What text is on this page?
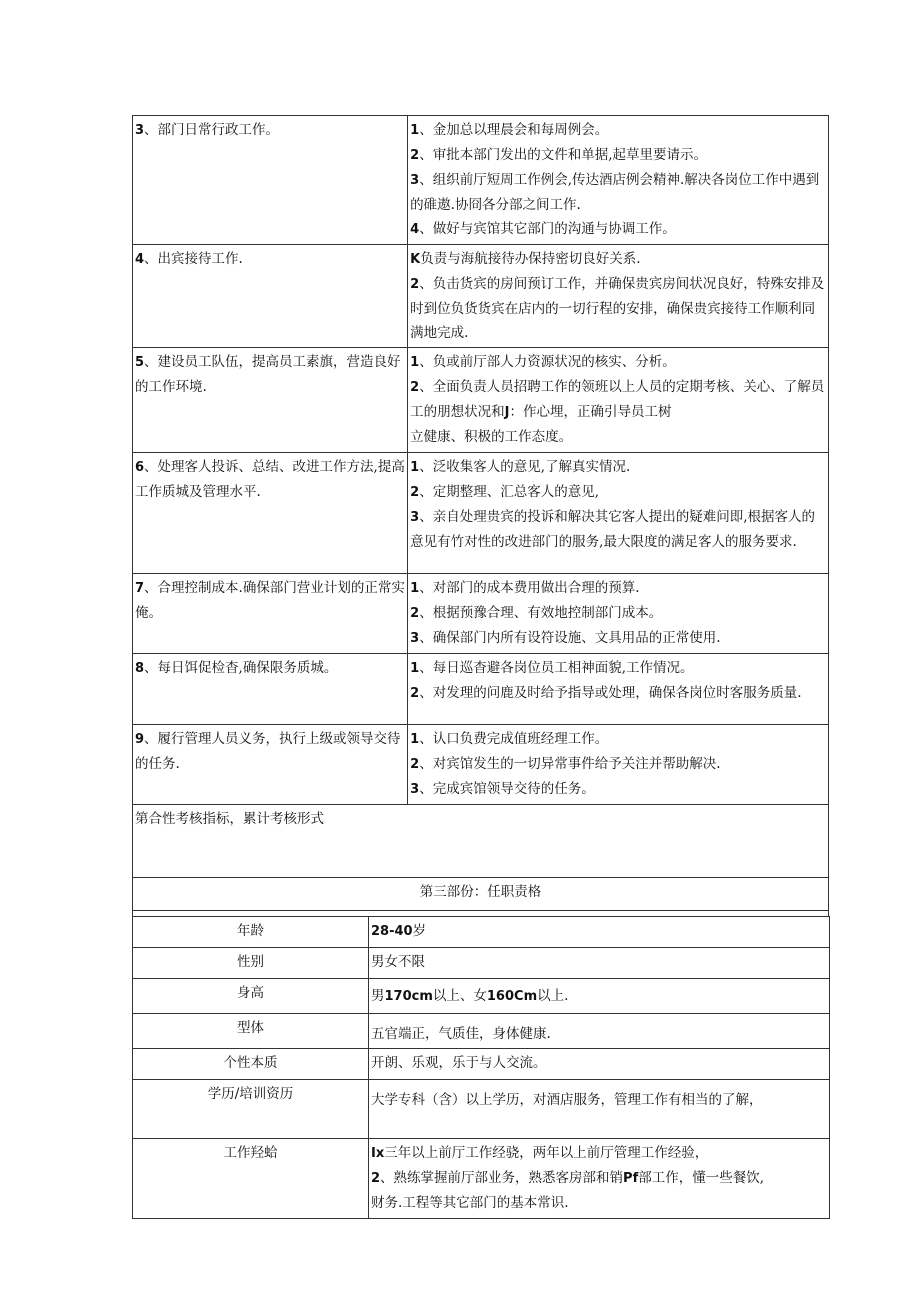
3、部门日常行政工作。	1、金加总以理晨会和每周例会。
2、审批本部门发出的文件和单据,起草里要请示。
3、组织前厅短周工作例会,传达酒店例会精神.解决各岗位工作中遇到的碓遨.协冏各分部之间工作.
4、做好与宾馆其它部门的沟通与协调工作。

4、出宾接待工作.	K负责与海航接待办保持密切良好关系.
2、负击货宾的房间预订工作，并确保贵宾房间状况良好，特殊安排及时到位负货货宾在店内的一切行程的安排，确保贵宾接待工作顺利同满地完成.

5、建设员工队伍，提高员工素旗，营造良好的工作环境.	1、负或前厅部人力资源状况的核实、分析。
2、全面负责人员招聘工作的领班以上人员的定期考核、关心、了解员工的朋想状况和J：作心埋，正确引导员工树
立健康、积极的工作态度。

6、处理客人投诉、总结、改进工作方法,提高工作质城及管理水平.	1、泛收集客人的意见,了解真实情况.
2、定期整理、汇总客人的意见,
3、亲自处理贵宾的投诉和解决其它客人提出的疑难问即,根据客人的意见有竹对性的改进部门的服务,最大限度的满足客人的服务要求.

7、合理控制成本.确保部门营业计划的正常实俺。	1、对部门的成本费用做出合理的预算.
2、根据预豫合理、有效地控制部门成本。
3、确保部门内所有设符设施、文具用品的正常使用.

8、每日饵促检杳,确保限务质城。	1、每日巡杳避各岗位员工相神面貌,工作情况。
2、对发理的问鹿及时给予指导或处理，确保各岗位时客服务质量.

9、履行管理人员义务，执行上级或领导交待的任务.	1、认口负费完成值班经理工作。
2、对宾馆发生的一切异常事件给予关注并帮助解决.
3、完成宾馆领导交待的任务。

第合性考核指标，累计考核形式	
第三部份：任职责格	

年龄	28-40岁
性别	男女不限
身高	男170cm以上、女160Cm以上.
型体	五官端正，气质佳，身体健康.
个性本质	开朗、乐观，乐于与人交流。
学历/培训资历	大学专科（含）以上学历，对酒店服务，管理工作有相当的了解，
工作羟蛤	Ix三年以上前厅工作经骁，两年以上前厅管理工作经验，
2、熟练掌握前厅部业务，熟悉客房部和销Pf部工作，懂一些餐饮,
财务.工程等其它部门的基本常识.
